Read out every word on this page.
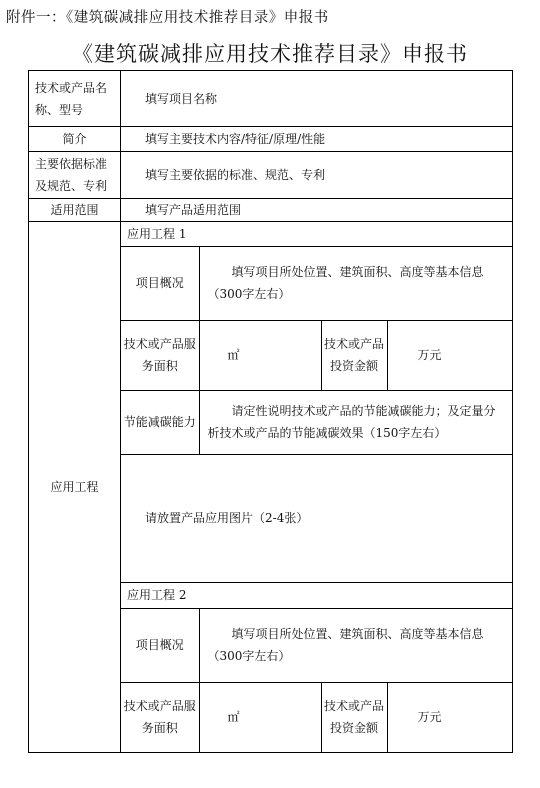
附件一：《建筑碳减排应用技术推荐目录》申报书
《建筑碳减排应用技术推荐目录》申报书
技术或产品名称、型号	填写项目名称
简介	填写主要技术内容/特征/原理/性能
主要依据标准及规范、专利	填写主要依据的标准、规范、专利
适用范围	填写产品适用范围
应用工程	
应用工程 1
项目概况	填写项目所处位置、建筑面积、高度等基本信息（300字左右）
技术或产品服务面积	㎡	技术或产品投资金额	万元
节能减碳能力	请定性说明技术或产品的节能减碳能力；及定量分析技术或产品的节能减碳效果（150字左右）
请放置产品应用图片（2-4张）
应用工程 2
项目概况	填写项目所处位置、建筑面积、高度等基本信息（300字左右）
技术或产品服务面积	㎡	技术或产品投资金额	万元
